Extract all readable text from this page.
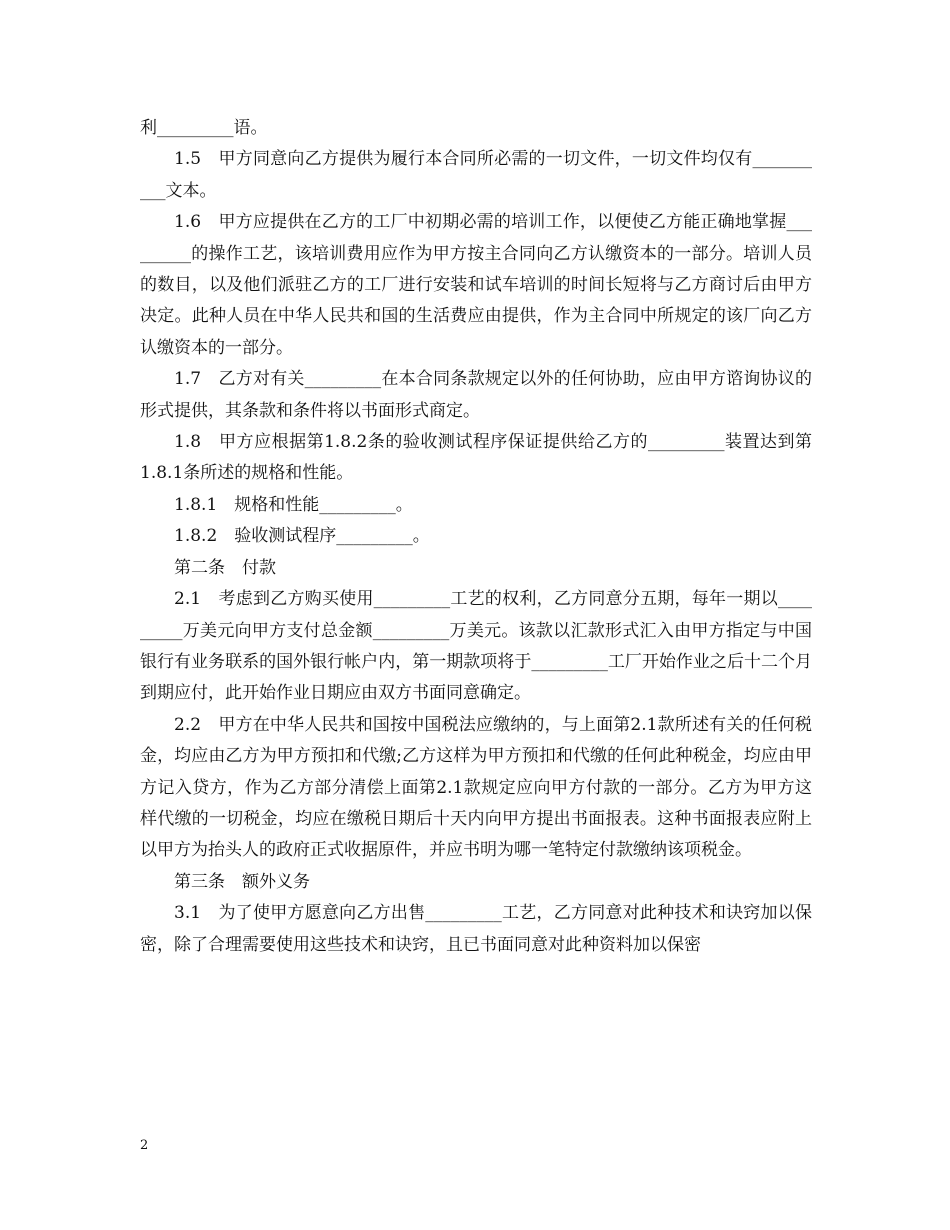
利_________语。

1.5　甲方同意向乙方提供为履行本合同所必需的一切文件，一切文件均仅有__________文本。

1.6　甲方应提供在乙方的工厂中初期必需的培训工作，以便使乙方能正确地掌握_________的操作工艺，该培训费用应作为甲方按主合同向乙方认缴资本的一部分。培训人员的数目，以及他们派驻乙方的工厂进行安装和试车培训的时间长短将与乙方商讨后由甲方决定。此种人员在中华人民共和国的生活费应由提供，作为主合同中所规定的该厂向乙方认缴资本的一部分。

1.7　乙方对有关_________在本合同条款规定以外的任何协助，应由甲方谘询协议的形式提供，其条款和条件将以书面形式商定。

1.8　甲方应根据第1.8.2条的验收测试程序保证提供给乙方的_________装置达到第1.8.1条所述的规格和性能。

1.8.1　规格和性能_________。

1.8.2　验收测试程序_________。

第二条　付款

2.1　考虑到乙方购买使用_________工艺的权利，乙方同意分五期，每年一期以_________万美元向甲方支付总金额_________万美元。该款以汇款形式汇入由甲方指定与中国银行有业务联系的国外银行帐户内，第一期款项将于_________工厂开始作业之后十二个月到期应付，此开始作业日期应由双方书面同意确定。

2.2　甲方在中华人民共和国按中国税法应缴纳的，与上面第2.1款所述有关的任何税金，均应由乙方为甲方预扣和代缴;乙方这样为甲方预扣和代缴的任何此种税金，均应由甲方记入贷方，作为乙方部分清偿上面第2.1款规定应向甲方付款的一部分。乙方为甲方这样代缴的一切税金，均应在缴税日期后十天内向甲方提出书面报表。这种书面报表应附上以甲方为抬头人的政府正式收据原件，并应书明为哪一笔特定付款缴纳该项税金。

第三条　额外义务

3.1　为了使甲方愿意向乙方出售_________工艺，乙方同意对此种技术和诀窍加以保密，除了合理需要使用这些技术和诀窍，且已书面同意对此种资料加以保密

2
